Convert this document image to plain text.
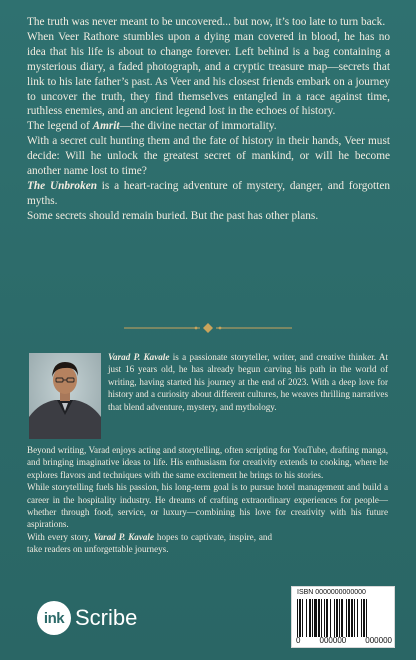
The truth was never meant to be uncovered... but now, it’s too late to turn back.

When Veer Rathore stumbles upon a dying man covered in blood, he has no idea that his life is about to change forever. Left behind is a bag containing a mysterious diary, a faded photograph, and a cryptic treasure map—secrets that link to his late father’s past. As Veer and his closest friends embark on a journey to uncover the truth, they find themselves entangled in a race against time, ruthless enemies, and an ancient legend lost in the echoes of history.

The legend of Amrit—the divine nectar of immortality.

With a secret cult hunting them and the fate of history in their hands, Veer must decide: Will he unlock the greatest secret of mankind, or will he become another name lost to time?

The Unbroken is a heart-racing adventure of mystery, danger, and forgotten myths.

Some secrets should remain buried. But the past has other plans.

Varad P. Kavale is a passionate storyteller, writer, and creative thinker. At just 16 years old, he has already begun carving his path in the world of writing, having started his journey at the end of 2023. With a deep love for history and a curiosity about different cultures, he weaves thrilling narratives that blend adventure, mystery, and mythology.

Beyond writing, Varad enjoys acting and storytelling, often scripting for YouTube, drafting manga, and bringing imaginative ideas to life. His enthusiasm for creativity extends to cooking, where he explores flavors and techniques with the same excitement he brings to his stories.

While storytelling fuels his passion, his long-term goal is to pursue hotel management and build a career in the hospitality industry. He dreams of crafting extraordinary experiences for people—whether through food, service, or luxury—combining his love for creativity with his future aspirations.

With every story, Varad P. Kavale hopes to captivate, inspire, and take readers on unforgettable journeys.

ink Scribe
ISBN 0000000000000
0 000000 000000
